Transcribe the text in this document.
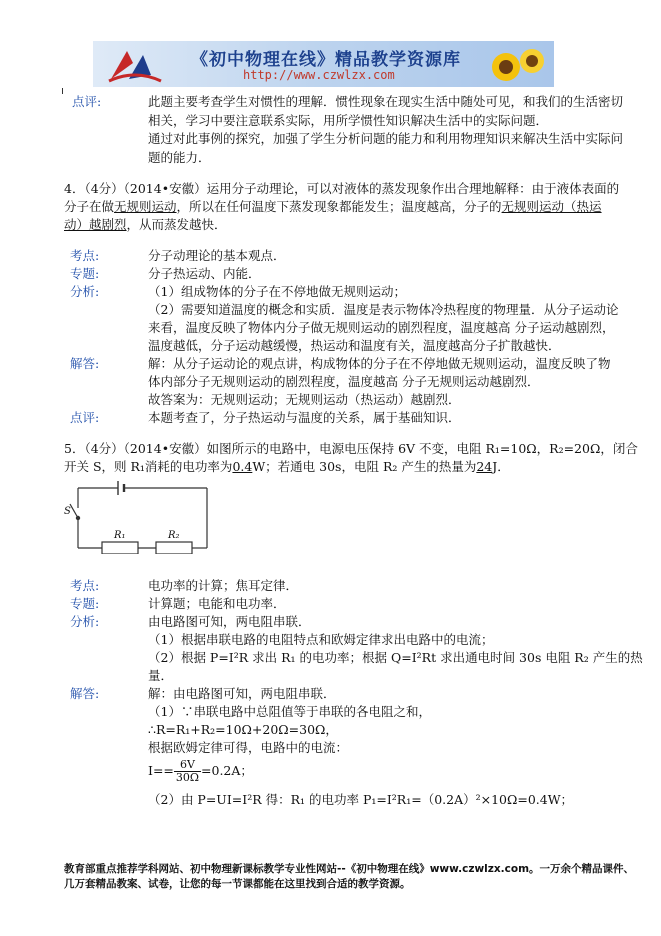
《初中物理在线》精品教学资源库
http://www.czwlzx.com
点评:	此题主要考查学生对惯性的理解．惯性现象在现实生活中随处可见，和我们的生活密切
相关，学习中要注意联系实际，用所学惯性知识解决生活中的实际问题．
通过对此事例的探究，加强了学生分析问题的能力和利用物理知识来解决生活中实际问
题的能力．
4．（4分）（2014•安徽）运用分子动理论，可以对液体的蒸发现象作出合理地解释：由于液体表面的
分子在做无规则运动，所以在任何温度下蒸发现象都能发生；温度越高，分子的无规则运动（热运
动）越剧烈，从而蒸发越快．
考点:	分子动理论的基本观点．
专题:	分子热运动、内能．
分析:	（1）组成物体的分子在不停地做无规则运动；
（2）需要知道温度的概念和实质．温度是表示物体冷热程度的物理量．从分子运动论
来看，温度反映了物体内分子做无规则运动的剧烈程度，温度越高 分子运动越剧烈，
温度越低，分子运动越缓慢，热运动和温度有关，温度越高分子扩散越快．
解答:	解：从分子运动论的观点讲，构成物体的分子在不停地做无规则运动，温度反映了物
体内部分子无规则运动的剧烈程度，温度越高 分子无规则运动越剧烈．
故答案为：无规则运动；无规则运动（热运动）越剧烈．
点评:	本题考查了，分子热运动与温度的关系，属于基础知识．
5．（4分）（2014•安徽）如图所示的电路中，电源电压保持 6V 不变，电阻 R₁=10Ω，R₂=20Ω，闭合
开关 S，则 R₁消耗的电功率为0.4W；若通电 30s，电阻 R₂ 产生的热量为24J．
R₁	R₂
S
考点:	电功率的计算；焦耳定律．
专题:	计算题；电能和电功率．
分析:	由电路图可知，两电阻串联．
（1）根据串联电路的电阻特点和欧姆定律求出电路中的电流；
（2）根据 P=I²R 求出 R₁ 的电功率；根据 Q=I²Rt 求出通电时间 30s 电阻 R₂ 产生的热
量．
解答:	解：由电路图可知，两电阻串联．
（1）∵串联电路中总阻值等于串联的各电阻之和，
∴R=R₁+R₂=10Ω+20Ω=30Ω，
根据欧姆定律可得，电路中的电流：
$I== \frac{6V}{30\Omega} =0.2A$；
（2）由 P=UI=I²R 得：R₁ 的电功率 P₁=I²R₁=（0.2A）²×10Ω=0.4W；
教育部重点推荐学科网站、初中物理新课标教学专业性网站--《初中物理在线》www.czwlzx.com。一万余个精品课件、
几万套精品教案、试卷，让您的每一节课都能在这里找到合适的教学资源。
